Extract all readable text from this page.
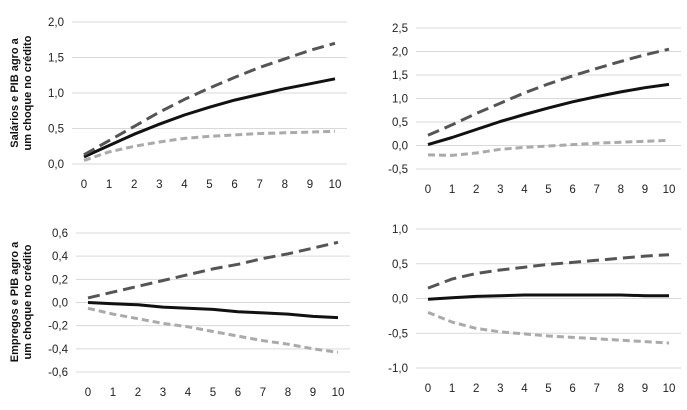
0,0
0,5
1,0
1,5
2,0
0 1 2 3 4 5 6 7 8 9 10
Salários e PIB agro aum choque no crédito
-0,5
0,0
0,5
1,0
1,5
2,0
2,5
0 1 2 3 4 5 6 7 8 9 10
-0,6
-0,4
-0,2
0,0
0,2
0,4
0,6
0 1 2 3 4 5 6 7 8 9 10
Empregos e PIB agro aum choque no crédito
-1,0
-0,5
0,0
0,5
1,0
0 1 2 3 4 5 6 7 8 9 10
